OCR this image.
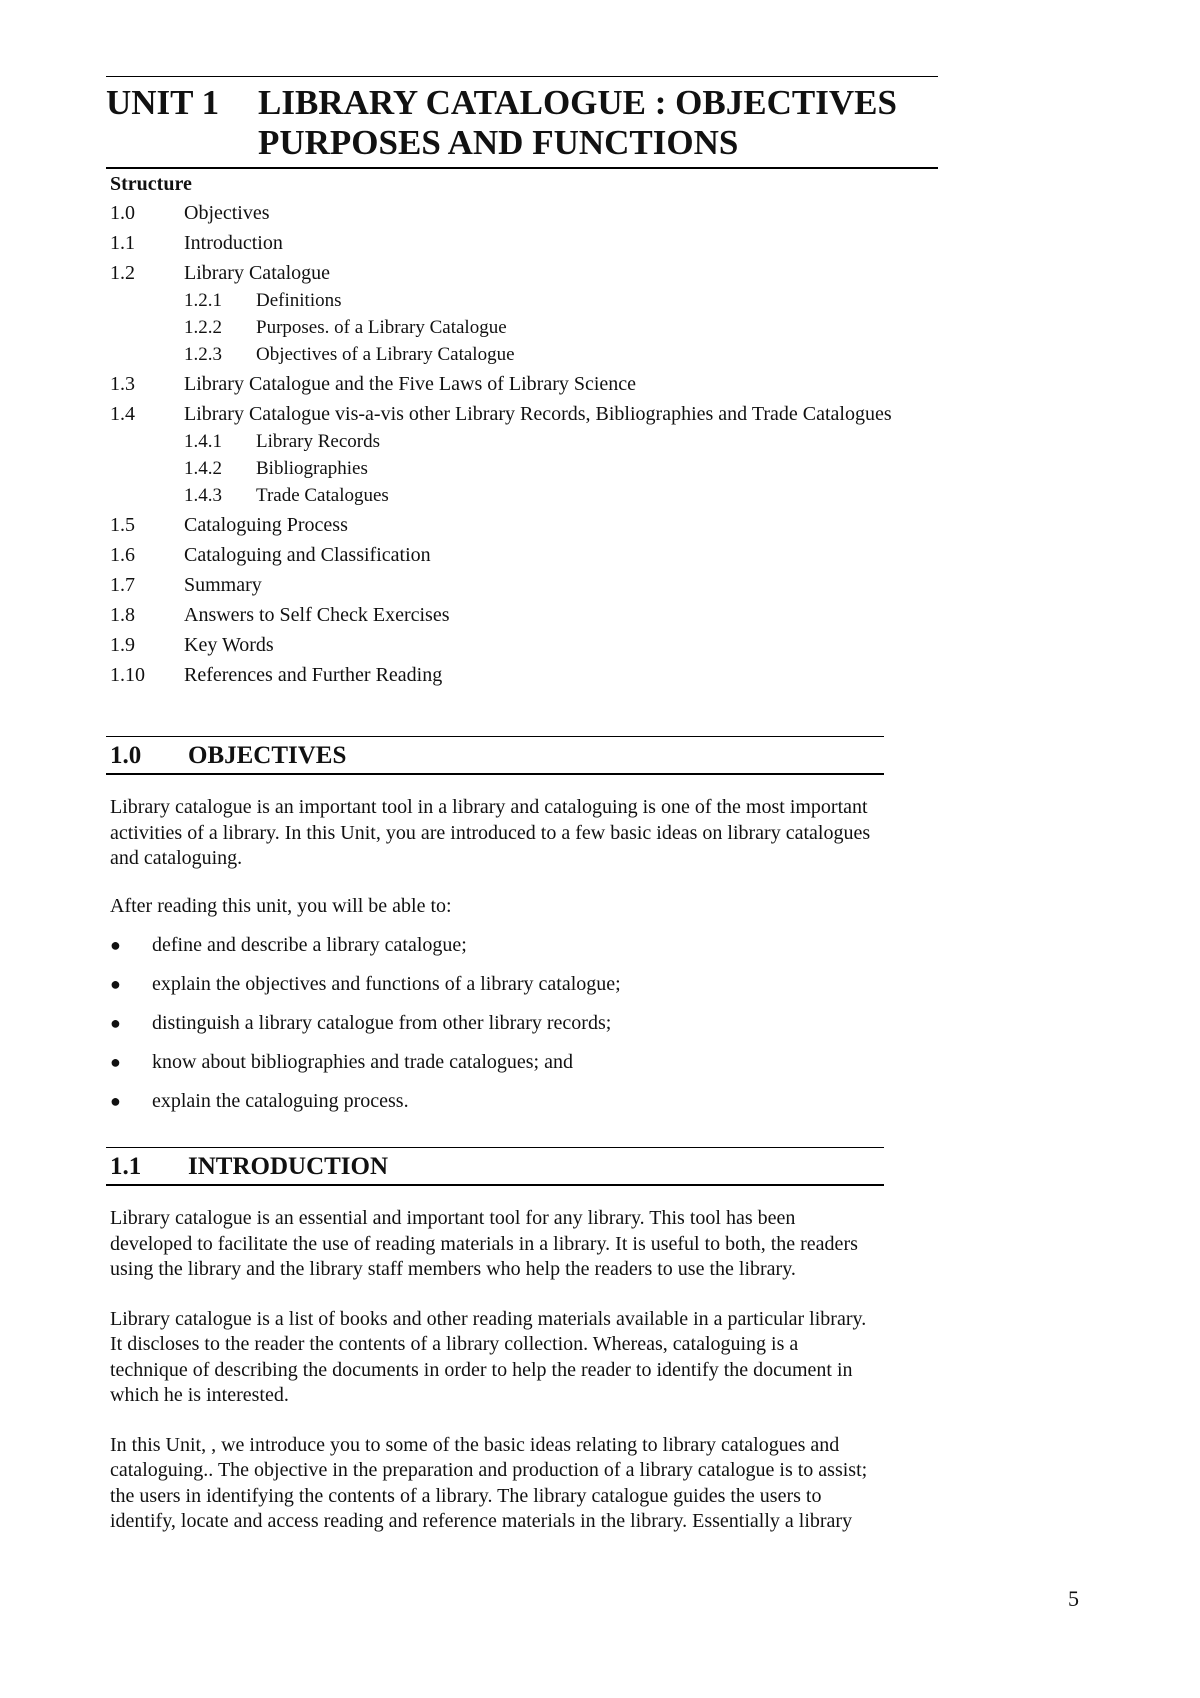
UNIT 1	LIBRARY CATALOGUE : OBJECTIVES
PURPOSES AND FUNCTIONS
Structure
1.0	Objectives
1.1	Introduction
1.2	Library Catalogue
1.2.1	Definitions
1.2.2	Purposes. of a Library Catalogue
1.2.3	Objectives of a Library Catalogue
1.3	Library Catalogue and the Five Laws of Library Science
1.4	Library Catalogue vis-a-vis other Library Records, Bibliographies and Trade Catalogues
1.4.1	Library Records
1.4.2	Bibliographies
1.4.3	Trade Catalogues
1.5	Cataloguing Process
1.6	Cataloguing and Classification
1.7	Summary
1.8	Answers to Self Check Exercises
1.9	Key Words
1.10	References and Further Reading
1.0	OBJECTIVES

Library catalogue is an important tool in a library and cataloguing is one of the most important activities of a library. In this Unit, you are introduced to a few basic ideas on library catalogues and cataloguing.

After reading this unit, you will be able to:

●	define and describe a library catalogue;
●	explain the objectives and functions of a library catalogue;
●	distinguish a library catalogue from other library records;
●	know about bibliographies and trade catalogues; and
●	explain the cataloguing process.
1.1	INTRODUCTION

Library catalogue is an essential and important tool for any library. This tool has been developed to facilitate the use of reading materials in a library. It is useful to both, the readers using the library and the library staff members who help the readers to use the library.

Library catalogue is a list of books and other reading materials available in a particular library. It discloses to the reader the contents of a library collection. Whereas, cataloguing is a technique of describing the documents in order to help the reader to identify the document in which he is interested.

In this Unit, , we introduce you to some of the basic ideas relating to library catalogues and cataloguing.. The objective in the preparation and production of a library catalogue is to assist; the users in identifying the contents of a library. The library catalogue guides the users to identify, locate and access reading and reference materials in the library. Essentially a library

5
